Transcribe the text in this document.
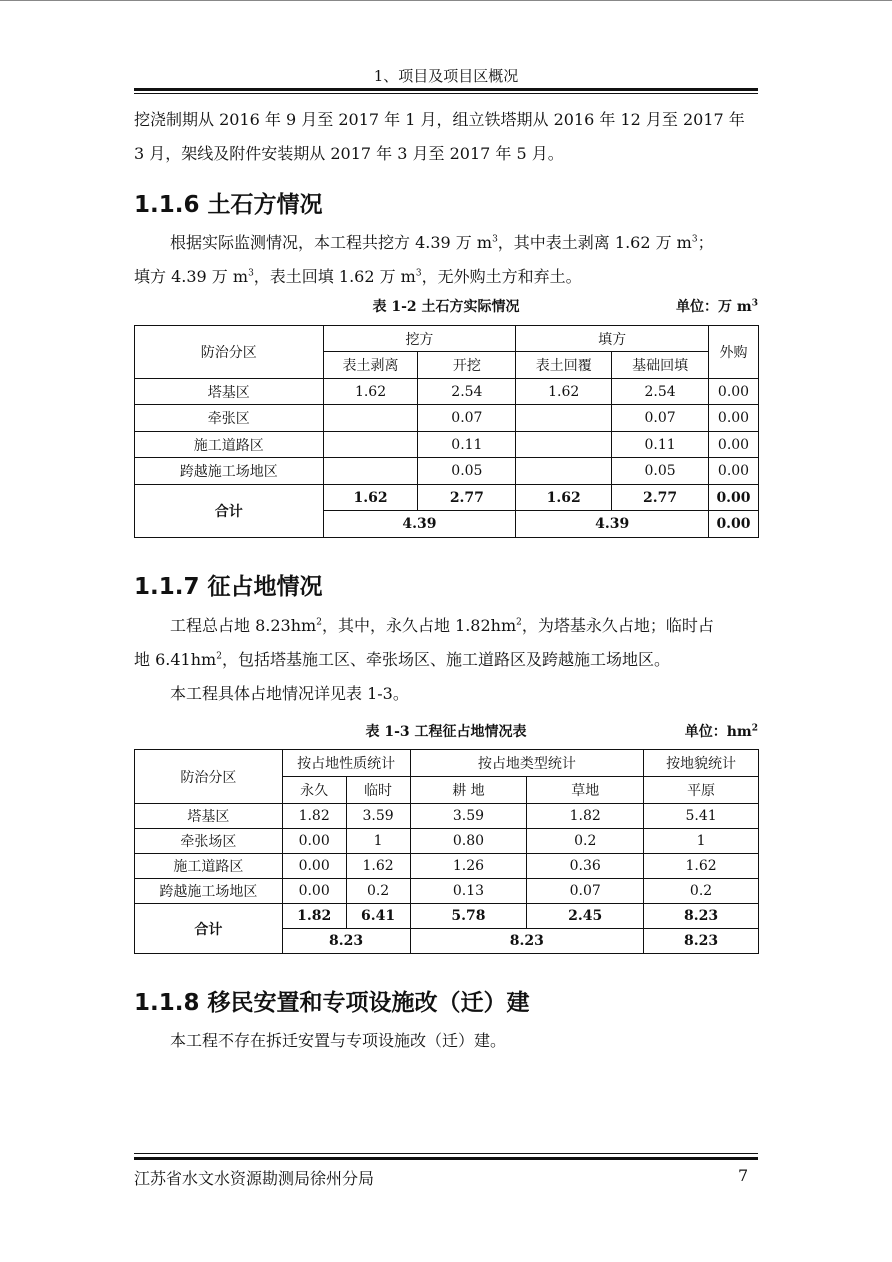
1、项目及项目区概况
挖浇制期从 2016 年 9 月至 2017 年 1 月，组立铁塔期从 2016 年 12 月至 2017 年
3 月，架线及附件安装期从 2017 年 3 月至 2017 年 5 月。
1.1.6 土石方情况
根据实际监测情况，本工程共挖方 4.39 万 $m^3$，其中表土剥离 1.62 万 $m^3$；
填方 4.39 万 $m^3$，表土回填 1.62 万 $m^3$，无外购土方和弃土。
表 1-2 土石方实际情况	单位：万 $m^3$
防治分区	挖方		填方		外购
	表土剥离	开挖	表土回覆	基础回填	
塔基区	1.62	2.54	1.62	2.54	0.00
牵张区		0.07		0.07	0.00
施工道路区		0.11		0.11	0.00
跨越施工场地区		0.05		0.05	0.00
合计	1.62	2.77	1.62	2.77	0.00
	4.39		4.39		0.00
1.1.7 征占地情况
工程总占地 $8.23hm^2$，其中，永久占地 $1.82hm^2$，为塔基永久占地；临时占
地 $6.41hm^2$，包括塔基施工区、牵张场区、施工道路区及跨越施工场地区。
本工程具体占地情况详见表 1-3。
表 1-3 工程征占地情况表	单位：$hm^2$
防治分区	按占地性质统计		按占地类型统计		按地貌统计
	永久	临时	耕 地	草地	平原
塔基区	1.82	3.59	3.59	1.82	5.41
牵张场区	0.00	1	0.80	0.2	1
施工道路区	0.00	1.62	1.26	0.36	1.62
跨越施工场地区	0.00	0.2	0.13	0.07	0.2
合计	1.82	6.41	5.78	2.45	8.23
	8.23		8.23		8.23
1.1.8 移民安置和专项设施改（迁）建
本工程不存在拆迁安置与专项设施改（迁）建。
江苏省水文水资源勘测局徐州分局	7
